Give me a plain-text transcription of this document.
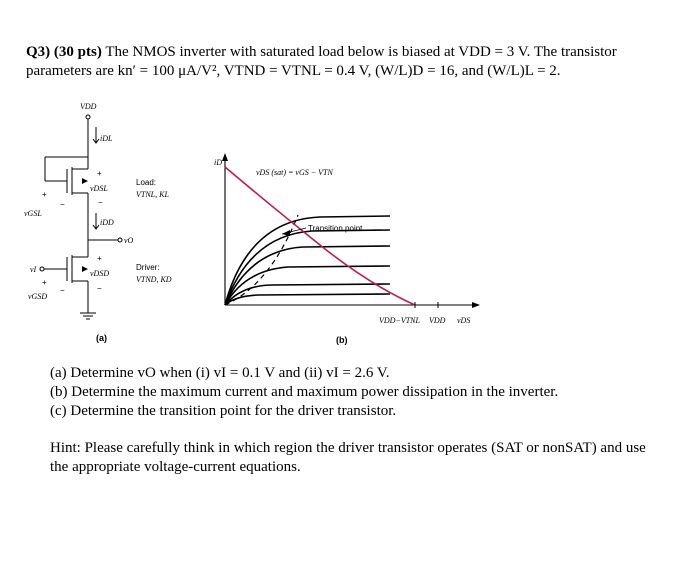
Q3) (30 pts) The NMOS inverter with saturated load below is biased at VDD = 3 V. The transistor
parameters are kn′ = 100 μA/V², VTND = VTNL = 0.4 V, (W/L)D = 16, and (W/L)L = 2.
VDD
iDL
+
vDSL
−
+
vGSL
−
iDD
vO
+
vDSD
−
vI
+
vGSD
−
Load:
VTNL, KL
Driver:
VTND, KD
(a)
iD
vDS (sat) = vGS − VTN
Transition point
VDD−VTNL VDD vDS
(b)
(a) Determine vO when (i) vI = 0.1 V and (ii) vI = 2.6 V.
(b) Determine the maximum current and maximum power dissipation in the inverter.
(c) Determine the transition point for the driver transistor.
Hint: Please carefully think in which region the driver transistor operates (SAT or nonSAT) and use the appropriate voltage-current equations.
